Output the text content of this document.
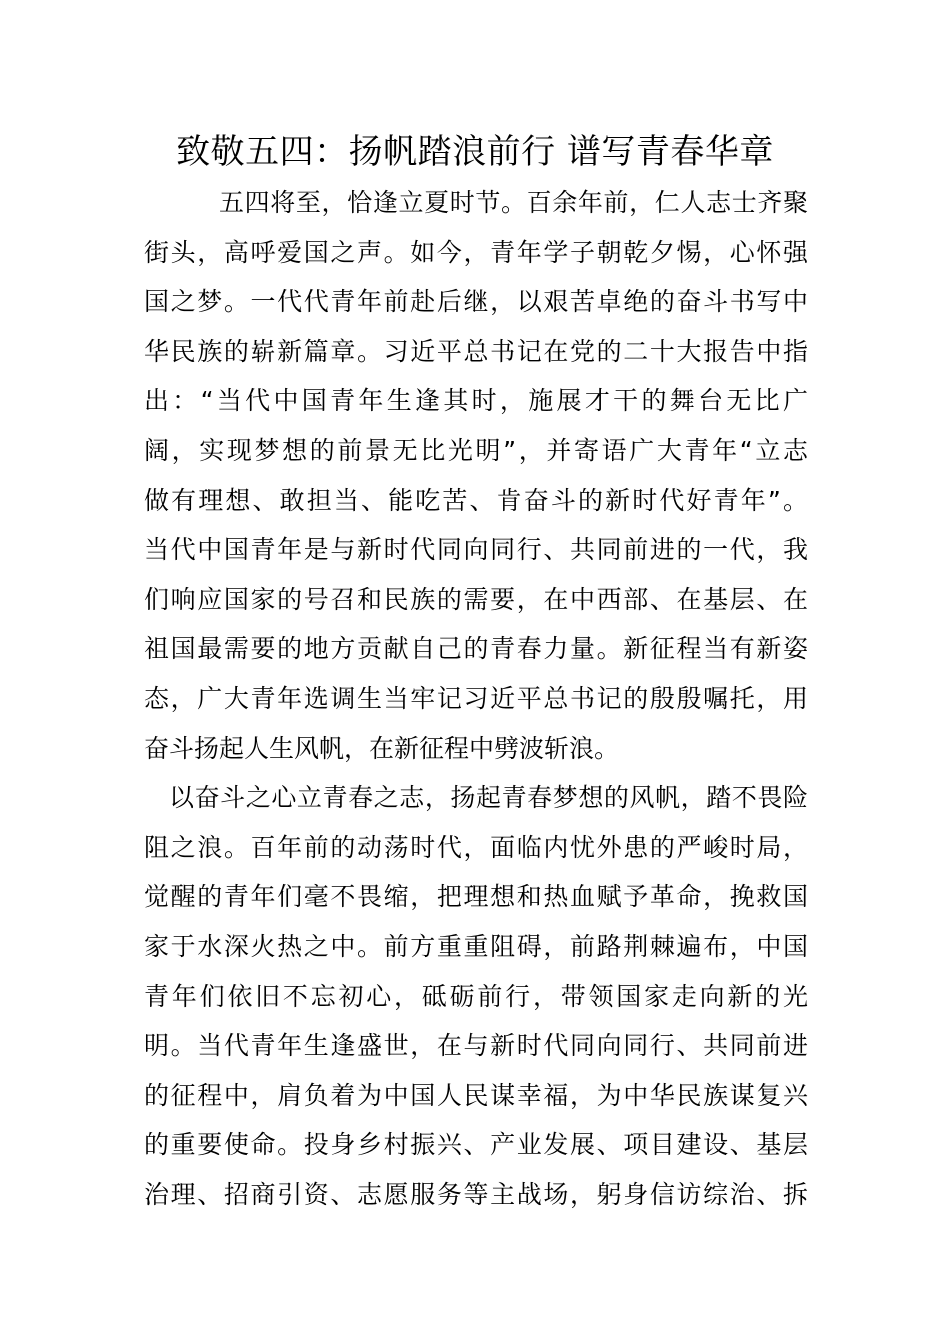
致敬五四：扬帆踏浪前行 谱写青春华章
五四将至，恰逢立夏时节。百余年前，仁人志士齐聚
街头，高呼爱国之声。如今，青年学子朝乾夕惕，心怀强
国之梦。一代代青年前赴后继，以艰苦卓绝的奋斗书写中
华民族的崭新篇章。习近平总书记在党的二十大报告中指
出：“当代中国青年生逢其时，施展才干的舞台无比广
阔，实现梦想的前景无比光明”，并寄语广大青年“立志
做有理想、敢担当、能吃苦、肯奋斗的新时代好青年”。
当代中国青年是与新时代同向同行、共同前进的一代，我
们响应国家的号召和民族的需要，在中西部、在基层、在
祖国最需要的地方贡献自己的青春力量。新征程当有新姿
态，广大青年选调生当牢记习近平总书记的殷殷嘱托，用
奋斗扬起人生风帆，在新征程中劈波斩浪。
以奋斗之心立青春之志，扬起青春梦想的风帆，踏不畏险
阻之浪。百年前的动荡时代，面临内忧外患的严峻时局，
觉醒的青年们毫不畏缩，把理想和热血赋予革命，挽救国
家于水深火热之中。前方重重阻碍，前路荆棘遍布，中国
青年们依旧不忘初心，砥砺前行，带领国家走向新的光
明。当代青年生逢盛世，在与新时代同向同行、共同前进
的征程中，肩负着为中国人民谋幸福，为中华民族谋复兴
的重要使命。投身乡村振兴、产业发展、项目建设、基层
治理、招商引资、志愿服务等主战场，躬身信访综治、拆
